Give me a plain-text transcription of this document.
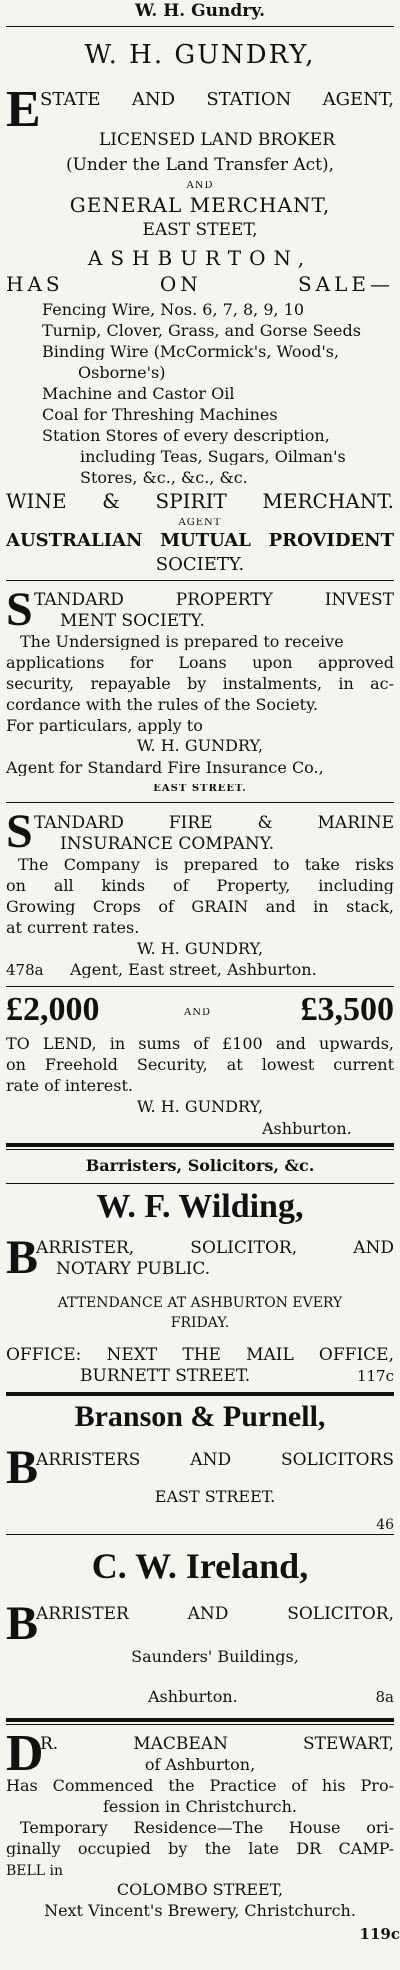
W. H. Gundry.
W. H. GUNDRY,
E STATE AND STATION AGENT,
LICENSED LAND BROKER
(Under the Land Transfer Act),
AND
GENERAL MERCHANT,
EAST STEET,
ASHBURTON,
HAS ON SALE—
Fencing Wire, Nos. 6, 7, 8, 9, 10
Turnip, Clover, Grass, and Gorse Seeds
Binding Wire (McCormick's, Wood's,
Osborne's)
Machine and Castor Oil
Coal for Threshing Machines
Station Stores of every description,
including Teas, Sugars, Oilman's
Stores, &c., &c., &c.
WINE & SPIRIT MERCHANT.
AGENT
AUSTRALIAN MUTUAL PROVIDENT
SOCIETY.
S TANDARD PROPERTY INVEST
MENT SOCIETY.
The Undersigned is prepared to receive
applications for Loans upon approved
security, repayable by instalments, in ac-
cordance with the rules of the Society.
For particulars, apply to
W. H. GUNDRY,
Agent for Standard Fire Insurance Co.,
EAST STREET.
S TANDARD FIRE & MARINE
INSURANCE COMPANY.
The Company is prepared to take risks
on all kinds of Property, including
Growing Crops of GRAIN and in stack,
at current rates.
W. H. GUNDRY,
478a	Agent, East street, Ashburton.
£2,000	AND	£3,500
TO LEND, in sums of £100 and upwards,
on Freehold Security, at lowest current
rate of interest.
W. H. GUNDRY,
Ashburton.
Barristers, Solicitors, &c.
W. F. Wilding,
B
ARRISTER, SOLICITOR, AND
NOTARY PUBLIC.
ATTENDANCE AT ASHBURTON EVERY
FRIDAY.
OFFICE: NEXT THE MAIL OFFICE,
BURNETT STREET.	117c
Branson & Purnell,
B
ARRISTERS AND SOLICITORS
EAST STREET.
46
C. W. Ireland,
B
ARRISTER AND SOLICITOR,
Saunders' Buildings,
Ashburton.	8a
D
R. MACBEAN STEWART,
of Ashburton,
Has Commenced the Practice of his Pro-
fession in Christchurch.
Temporary Residence—The House ori-
ginally occupied by the late DR CAMP-
BELL in
COLOMBO STREET,
Next Vincent's Brewery, Christchurch.
119c
